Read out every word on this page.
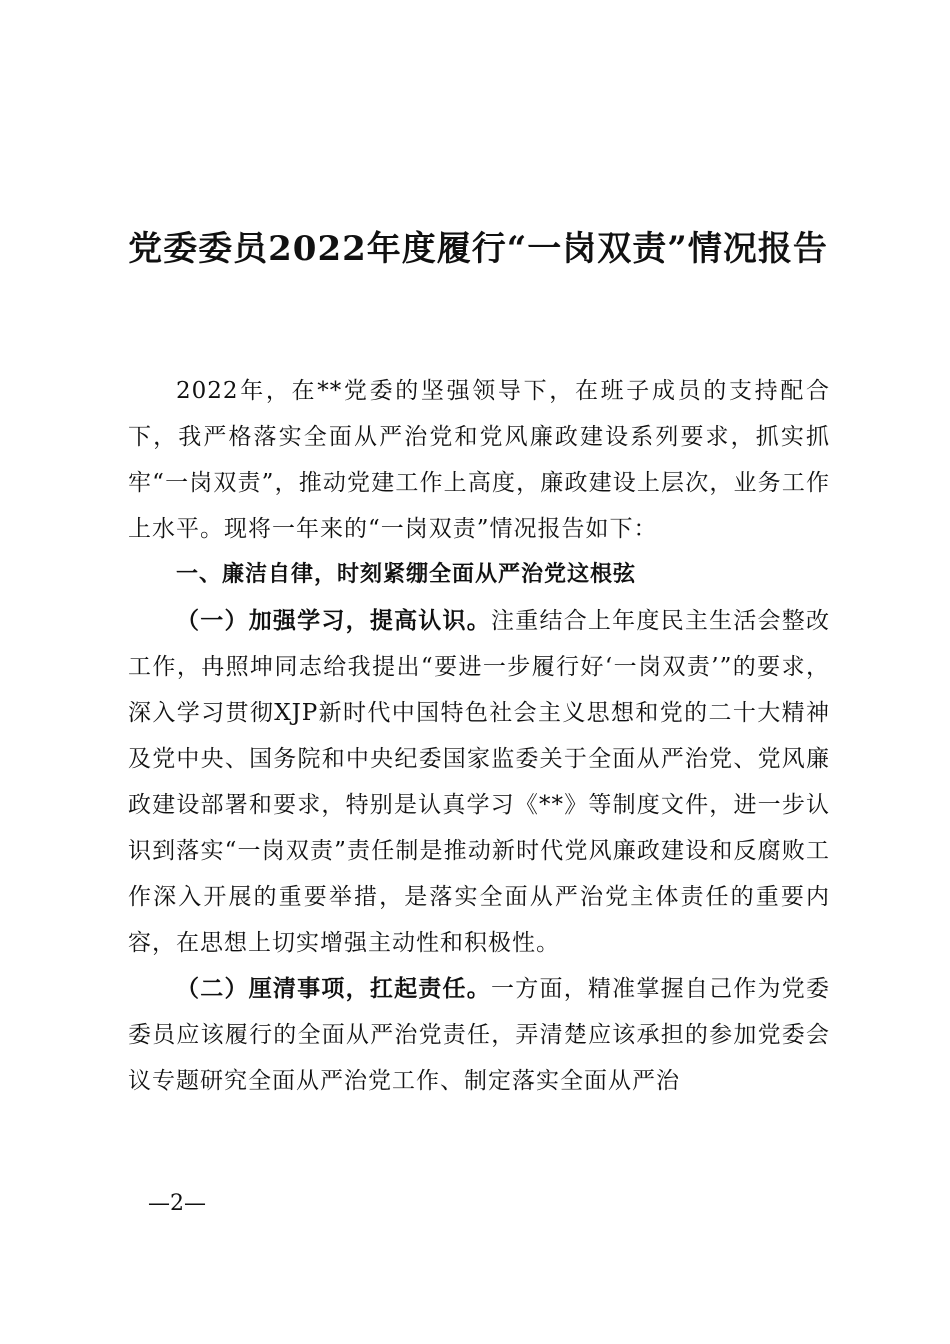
党委委员2022年度履行“一岗双责”情况报告

2022年，在**党委的坚强领导下，在班子成员的支持配合下，我严格落实全面从严治党和党风廉政建设系列要求，抓实抓牢“一岗双责”，推动党建工作上高度，廉政建设上层次，业务工作上水平。现将一年来的“一岗双责”情况报告如下：

一、廉洁自律，时刻紧绷全面从严治党这根弦

（一）加强学习，提高认识。注重结合上年度民主生活会整改工作，冉照坤同志给我提出“要进一步履行好‘一岗双责’”的要求，深入学习贯彻XJP新时代中国特色社会主义思想和党的二十大精神及党中央、国务院和中央纪委国家监委关于全面从严治党、党风廉政建设部署和要求，特别是认真学习《**》等制度文件，进一步认识到落实“一岗双责”责任制是推动新时代党风廉政建设和反腐败工作深入开展的重要举措，是落实全面从严治党主体责任的重要内容，在思想上切实增强主动性和积极性。

（二）厘清事项，扛起责任。一方面，精准掌握自己作为党委委员应该履行的全面从严治党责任，弄清楚应该承担的参加党委会议专题研究全面从严治党工作、制定落实全面从严治

—2—
